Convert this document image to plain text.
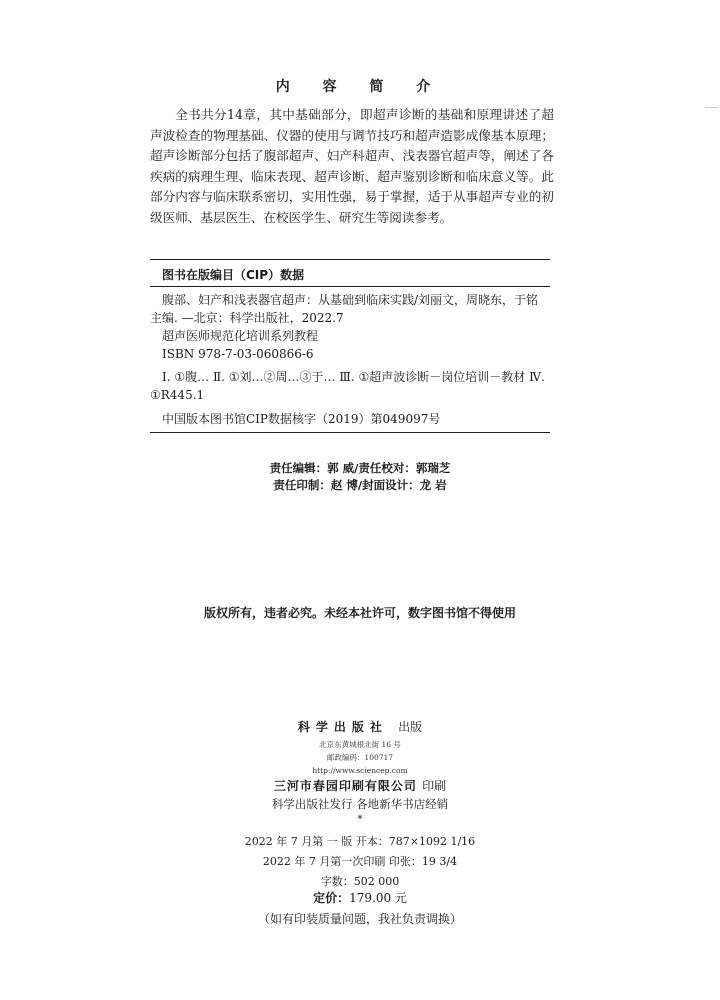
内 容 简 介
全书共分14章，其中基础部分，即超声诊断的基础和原理讲述了超声波检查的物理基础、仪器的使用与调节技巧和超声造影成像基本原理；超声诊断部分包括了腹部超声、妇产科超声、浅表器官超声等，阐述了各疾病的病理生理、临床表现、超声诊断、超声鉴别诊断和临床意义等。此部分内容与临床联系密切，实用性强，易于掌握，适于从事超声专业的初级医师、基层医生、在校医学生、研究生等阅读参考。
图书在版编目（CIP）数据

腹部、妇产和浅表器官超声：从基础到临床实践/刘丽文，周晓东，于铭主编. —北京：科学出版社，2022.7

超声医师规范化培训系列教程

ISBN 978-7-03-060866-6

Ⅰ. ①腹… Ⅱ. ①刘…②周…③于… Ⅲ. ①超声波诊断－岗位培训－教材 Ⅳ. ①R445.1

中国版本图书馆CIP数据核字（2019）第049097号

责任编辑：郭 威/责任校对：郭瑞芝
责任印制：赵 博/封面设计：龙 岩
版权所有，违者必究。未经本社许可，数字图书馆不得使用
科学出版社 出版
北京东黄城根北街 16 号
邮政编码：100717
http://www.sciencep.com
三河市春园印刷有限公司 印刷
科学出版社发行 各地新华书店经销
*
2022 年 7 月第 一 版 开本：787×1092 1/16
2022 年 7 月第一次印刷 印张：19 3/4
字数：502 000
定价：179.00 元
（如有印装质量问题，我社负责调换）
